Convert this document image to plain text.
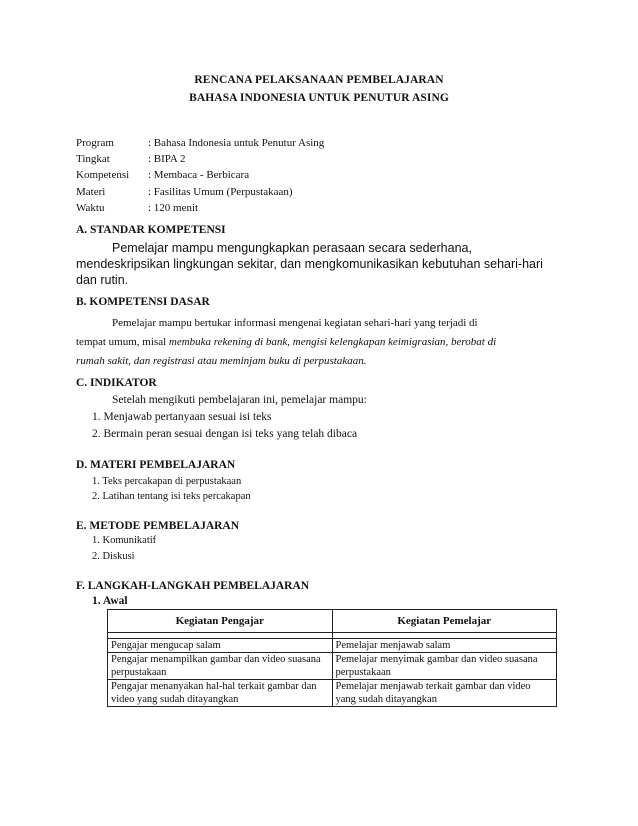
RENCANA PELAKSANAAN PEMBELAJARAN
BAHASA INDONESIA UNTUK PENUTUR ASING
Program	: Bahasa Indonesia untuk Penutur Asing
Tingkat	: BIPA 2
Kompetensi	: Membaca - Berbicara
Materi	: Fasilitas Umum (Perpustakaan)
Waktu	: 120 menit
A. STANDAR KOMPETENSI
Pemelajar mampu mengungkapkan perasaan secara sederhana,
mendeskripsikan lingkungan sekitar, dan mengkomunikasikan kebutuhan sehari-hari
dan rutin.
B. KOMPETENSI DASAR
Pemelajar mampu bertukar informasi mengenai kegiatan sehari-hari yang terjadi di
tempat umum, misal membuka rekening di bank, mengisi kelengkapan keimigrasian, berobat di
rumah sakit, dan registrasi atau meminjam buku di perpustakaan.
C. INDIKATOR
Setelah mengikuti pembelajaran ini, pemelajar mampu:
1. Menjawab pertanyaan sesuai isi teks
2. Bermain peran sesuai dengan isi teks yang telah dibaca
D. MATERI PEMBELAJARAN
1. Teks percakapan di perpustakaan
2. Latihan tentang isi teks percakapan
E. METODE PEMBELAJARAN
1. Komunikatif
2. Diskusi
F. LANGKAH-LANGKAH PEMBELAJARAN
1. Awal
Kegiatan Pengajar	Kegiatan Pemelajar

Pengajar mengucap salam	Pemelajar menjawab salam
Pengajar menampilkan gambar dan video suasana perpustakaan	Pemelajar menyimak gambar dan video suasana perpustakaan
Pengajar menanyakan hal-hal terkait gambar dan video yang sudah ditayangkan	Pemelajar menjawab terkait gambar dan video yang sudah ditayangkan
